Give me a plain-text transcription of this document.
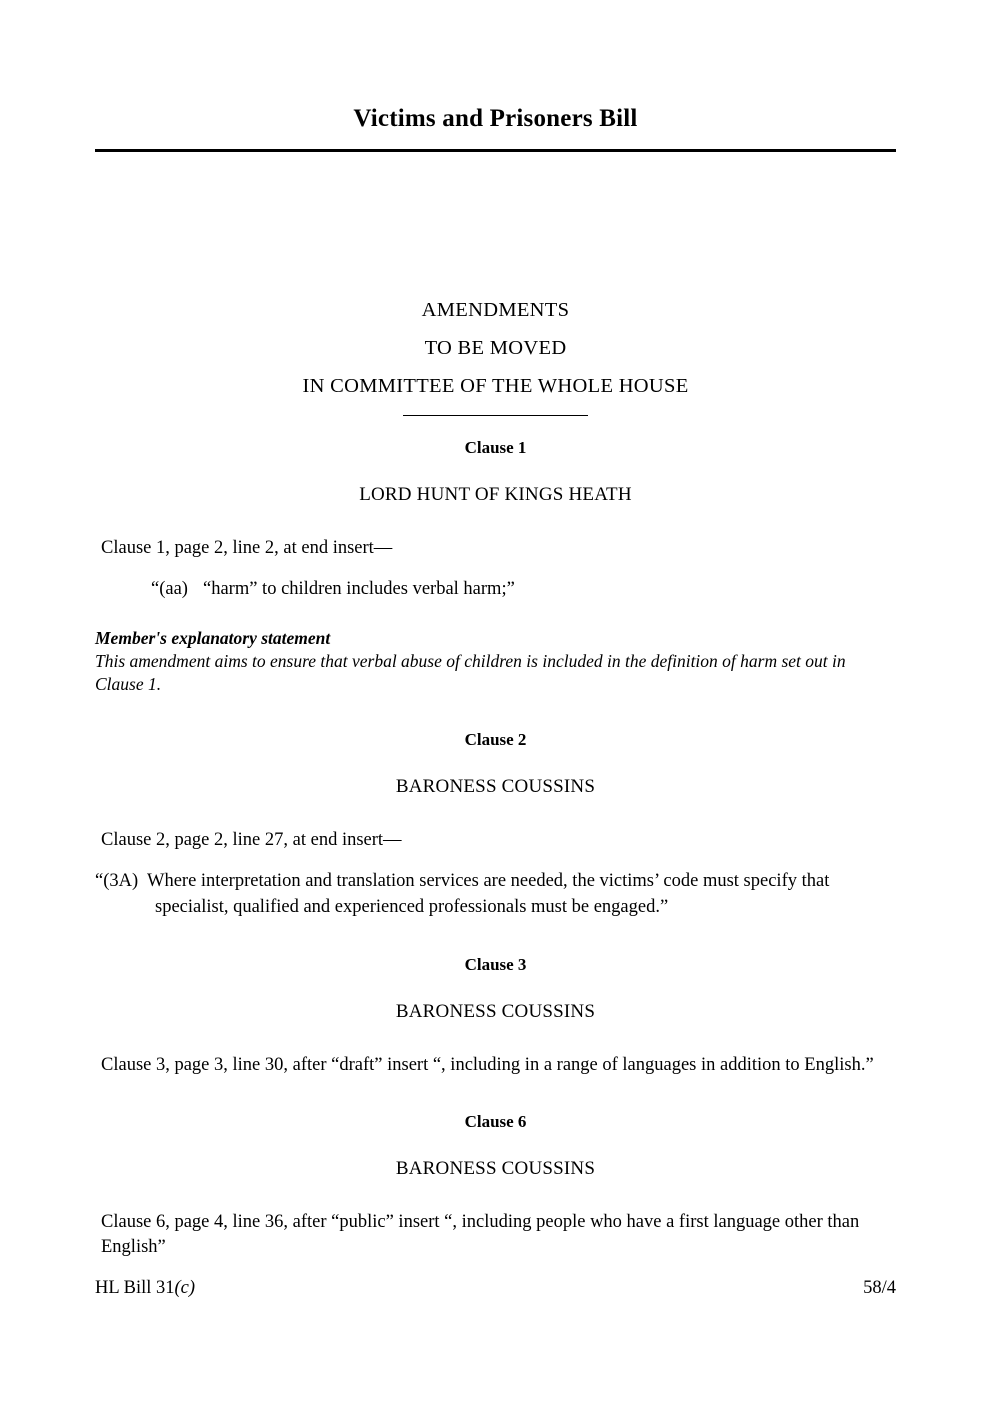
Victims and Prisoners Bill
AMENDMENTS
TO BE MOVED
IN COMMITTEE OF THE WHOLE HOUSE
Clause 1
LORD HUNT OF KINGS HEATH
Clause 1, page 2, line 2, at end insert—
“(aa) “harm” to children includes verbal harm;”
Member's explanatory statement
This amendment aims to ensure that verbal abuse of children is included in the definition of harm set out in Clause 1.
Clause 2
BARONESS COUSSINS
Clause 2, page 2, line 27, at end insert—
“(3A) Where interpretation and translation services are needed, the victims’ code must specify that specialist, qualified and experienced professionals must be engaged.”
Clause 3
BARONESS COUSSINS
Clause 3, page 3, line 30, after “draft” insert “, including in a range of languages in addition to English.”
Clause 6
BARONESS COUSSINS
Clause 6, page 4, line 36, after “public” insert “, including people who have a first language other than English”
HL Bill 31(c)	58/4
